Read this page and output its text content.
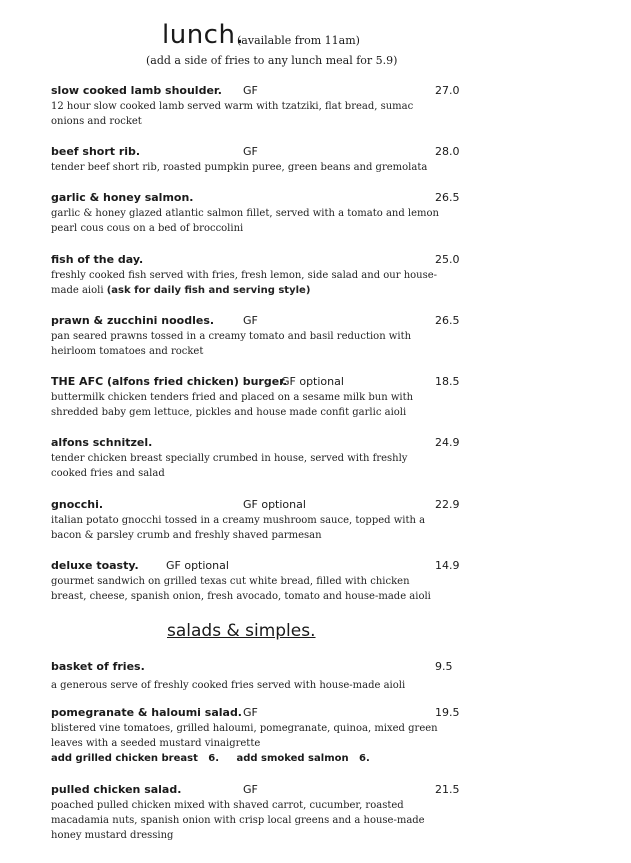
lunch.
(available from 11am)
(add a side of fries to any lunch meal for 5.9)
slow cooked lamb shoulder. GF	27.0

12 hour slow cooked lamb served warm with tzatziki, flat bread, sumac onions and rocket

beef short rib.	GF	28.0

tender beef short rib, roasted pumpkin puree, green beans and gremolata

garlic & honey salmon.	26.5

garlic & honey glazed atlantic salmon fillet, served with a tomato and lemon pearl cous cous on a bed of broccolini

fish of the day.	25.0

freshly cooked fish served with fries, fresh lemon, side salad and our house-made aioli (ask for daily fish and serving style)

prawn & zucchini noodles.	GF	26.5

pan seared prawns tossed in a creamy tomato and basil reduction with heirloom tomatoes and rocket

THE AFC (alfons fried chicken) burger.
GF optional	18.5

buttermilk chicken tenders fried and placed on a sesame milk bun with shredded baby gem lettuce, pickles and house made confit garlic aioli

alfons schnitzel.	24.9

tender chicken breast specially crumbed in house, served with freshly cooked fries and salad

gnocchi.	GF optional	22.9

italian potato gnocchi tossed in a creamy mushroom sauce, topped with a bacon & parsley crumb and freshly shaved parmesan

deluxe toasty. GF optional	14.9

gourmet sandwich on grilled texas cut white bread, filled with chicken breast, cheese, spanish onion, fresh avocado, tomato and house-made aioli

salads & simples.
basket of fries.	9.5

a generous serve of freshly cooked fries served with house-made aioli

pomegranate & haloumi salad. GF	19.5

blistered vine tomatoes, grilled haloumi, pomegranate, quinoa, mixed green leaves with a seeded mustard vinaigrette

add grilled chicken breast   6.     add smoked salmon   6.

pulled chicken salad.	GF	21.5

poached pulled chicken mixed with shaved carrot, cucumber, roasted macadamia nuts, spanish onion with crisp local greens and a house-made honey mustard dressing
